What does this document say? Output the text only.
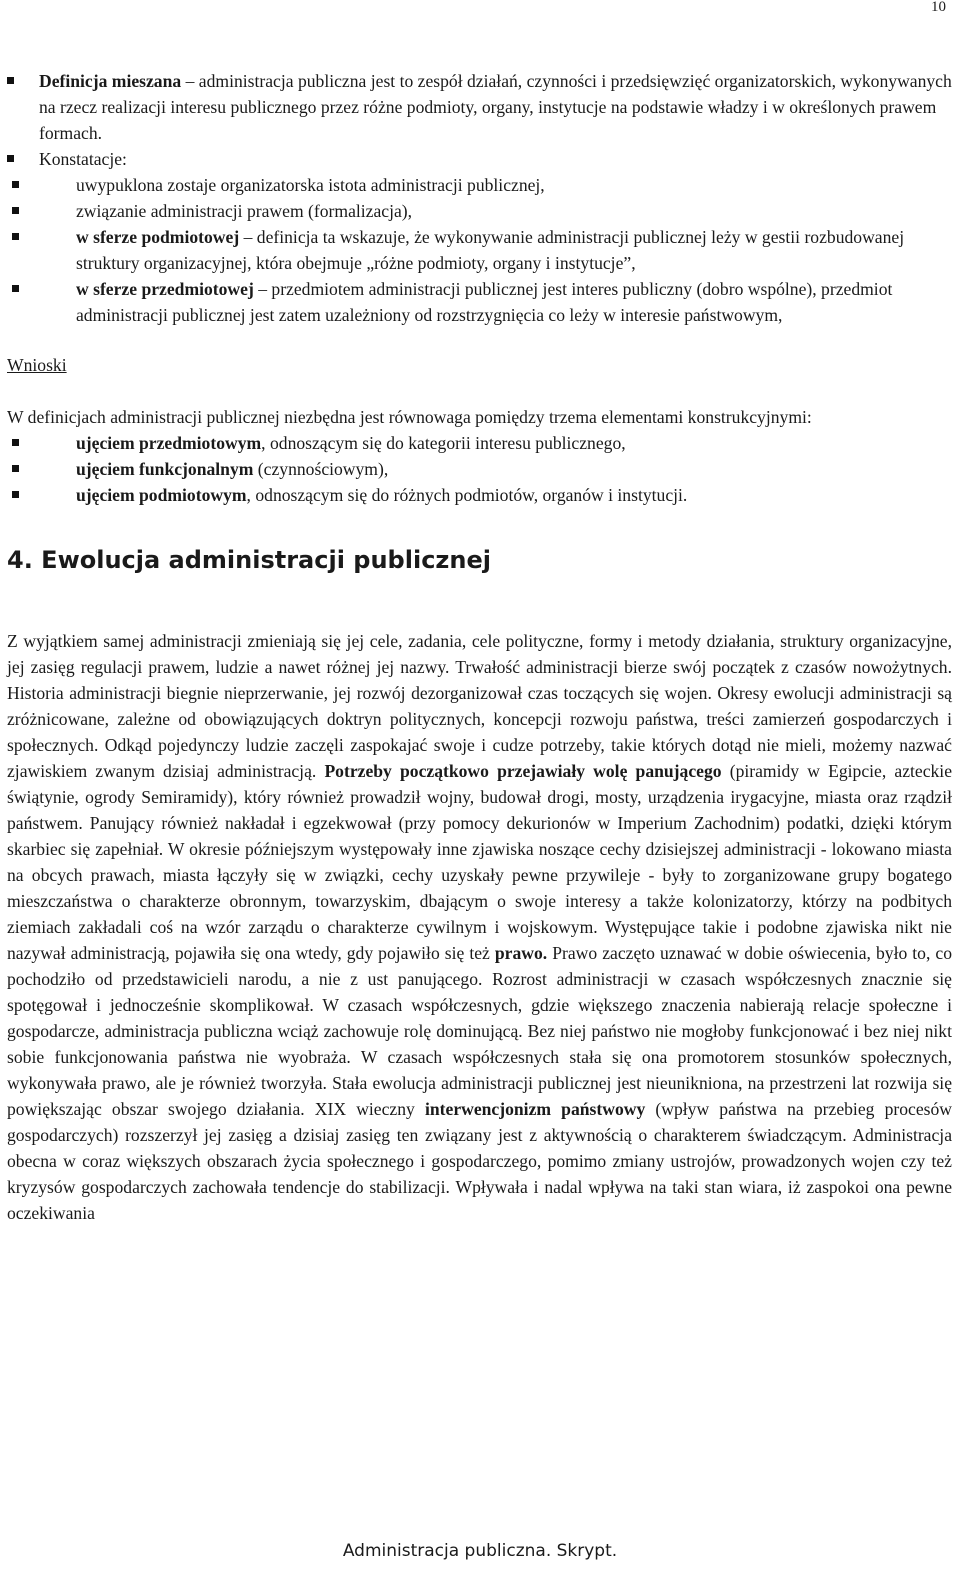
10
Definicja mieszana – administracja publiczna jest to zespół działań, czynności i przedsięwzięć organizatorskich, wykonywanych na rzecz realizacji interesu publicznego przez różne podmioty, organy, instytucje na podstawie władzy i w określonych prawem formach.
Konstatacje:
uwypuklona zostaje organizatorska istota administracji publicznej,
związanie administracji prawem (formalizacja),
w sferze podmiotowej – definicja ta wskazuje, że wykonywanie administracji publicznej leży w gestii rozbudowanej struktury organizacyjnej, która obejmuje „różne podmioty, organy i instytucje”,
w sferze przedmiotowej – przedmiotem administracji publicznej jest interes publiczny (dobro wspólne), przedmiot administracji publicznej jest zatem uzależniony od rozstrzygnięcia co leży w interesie państwowym,
Wnioski
W definicjach administracji publicznej niezbędna jest równowaga pomiędzy trzema elementami konstrukcyjnymi:
ujęciem przedmiotowym, odnoszącym się do kategorii interesu publicznego,
ujęciem funkcjonalnym (czynnościowym),
ujęciem podmiotowym, odnoszącym się do różnych podmiotów, organów i instytucji.
4. Ewolucja administracji publicznej

Z wyjątkiem samej administracji zmieniają się jej cele, zadania, cele polityczne, formy i metody działania, struktury organizacyjne, jej zasięg regulacji prawem, ludzie a nawet różnej jej nazwy. Trwałość administracji bierze swój początek z czasów nowożytnych. Historia administracji biegnie nieprzerwanie, jej rozwój dezorganizował czas toczących się wojen. Okresy ewolucji administracji są zróżnicowane, zależne od obowiązujących doktryn politycznych, koncepcji rozwoju państwa, treści zamierzeń gospodarczych i społecznych. Odkąd pojedynczy ludzie zaczęli zaspokajać swoje i cudze potrzeby, takie których dotąd nie mieli, możemy nazwać zjawiskiem zwanym dzisiaj administracją. Potrzeby początkowo przejawiały wolę panującego (piramidy w Egipcie, azteckie świątynie, ogrody Semiramidy), który również prowadził wojny, budował drogi, mosty, urządzenia irygacyjne, miasta oraz rządził państwem. Panujący również nakładał i egzekwował (przy pomocy dekurionów w Imperium Zachodnim) podatki, dzięki którym skarbiec się zapełniał. W okresie późniejszym występowały inne zjawiska noszące cechy dzisiejszej administracji - lokowano miasta na obcych prawach, miasta łączyły się w związki, cechy uzyskały pewne przywileje - były to zorganizowane grupy bogatego mieszczaństwa o charakterze obronnym, towarzyskim, dbającym o swoje interesy a także kolonizatorzy, którzy na podbitych ziemiach zakładali coś na wzór zarządu o charakterze cywilnym i wojskowym. Występujące takie i podobne zjawiska nikt nie nazywał administracją, pojawiła się ona wtedy, gdy pojawiło się też prawo. Prawo zaczęto uznawać w dobie oświecenia, było to, co pochodziło od przedstawicieli narodu, a nie z ust panującego. Rozrost administracji w czasach współczesnych znacznie się spotęgował i jednocześnie skomplikował. W czasach współczesnych, gdzie większego znaczenia nabierają relacje społeczne i gospodarcze, administracja publiczna wciąż zachowuje rolę dominującą. Bez niej państwo nie mogłoby funkcjonować i bez niej nikt sobie funkcjonowania państwa nie wyobraża. W czasach współczesnych stała się ona promotorem stosunków społecznych, wykonywała prawo, ale je również tworzyła. Stała ewolucja administracji publicznej jest nieunikniona, na przestrzeni lat rozwija się powiększając obszar swojego działania. XIX wieczny interwencjonizm państwowy (wpływ państwa na przebieg procesów gospodarczych) rozszerzył jej zasięg a dzisiaj zasięg ten związany jest z aktywnością o charakterem świadczącym. Administracja obecna w coraz większych obszarach życia społecznego i gospodarczego, pomimo zmiany ustrojów, prowadzonych wojen czy też kryzysów gospodarczych zachowała tendencje do stabilizacji. Wpływała i nadal wpływa na taki stan wiara, iż zaspokoi ona pewne oczekiwania

Administracja publiczna. Skrypt.
